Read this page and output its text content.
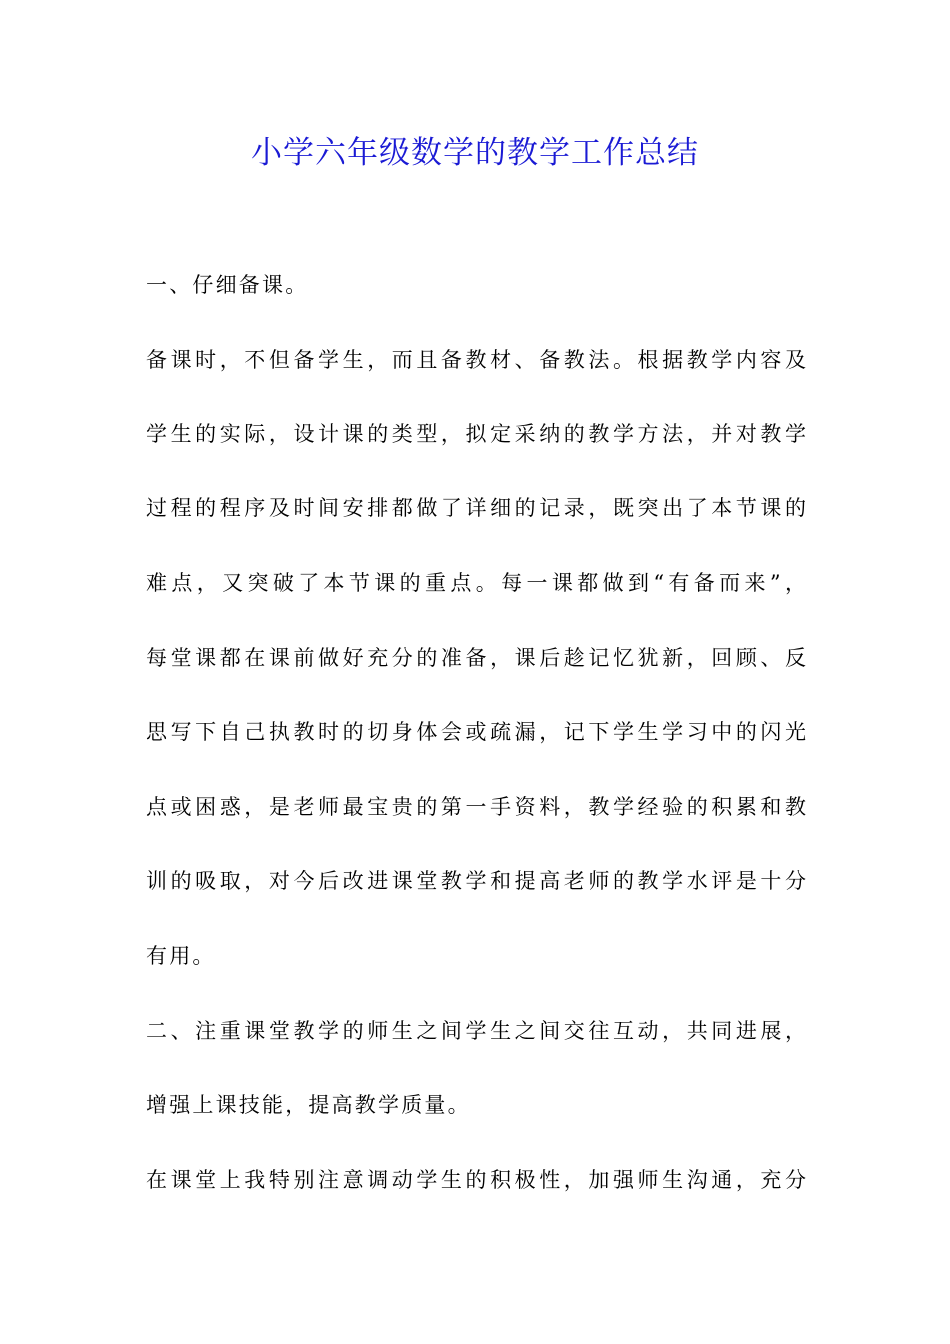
小学六年级数学的教学工作总结

一、仔细备课。

备课时，不但备学生，而且备教材、备教法。根据教学内容及

学生的实际，设计课的类型，拟定采纳的教学方法，并对教学

过程的程序及时间安排都做了详细的记录，既突出了本节课的

难点，又突破了本节课的重点。每一课都做到“有备而来”，

每堂课都在课前做好充分的准备，课后趁记忆犹新，回顾、反

思写下自己执教时的切身体会或疏漏，记下学生学习中的闪光

点或困惑，是老师最宝贵的第一手资料，教学经验的积累和教

训的吸取，对今后改进课堂教学和提高老师的教学水评是十分

有用。

二、注重课堂教学的师生之间学生之间交往互动，共同进展，

增强上课技能，提高教学质量。

在课堂上我特别注意调动学生的积极性，加强师生沟通，充分
